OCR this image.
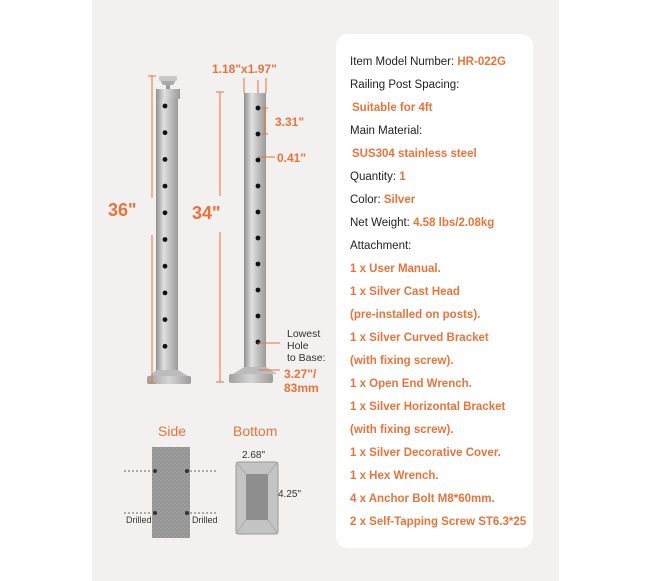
36"	34"
1.18"x1.97"
3.31"
0.41"
Lowest
Hole
to Base:
3.27"/
83mm
Side	Bottom
Drilled	Drilled
2.68"
4.25"
Item Model Number: HR-022G
Railing Post Spacing:
Suitable for 4ft
Main Material:
SUS304 stainless steel
Quantity: 1
Color: Silver
Net Weight: 4.58 lbs/2.08kg
Attachment:
1 x User Manual.
1 x Silver Cast Head
(pre-installed on posts).
1 x Silver Curved Bracket
(with fixing screw).
1 x Open End Wrench.
1 x Silver Horizontal Bracket
(with fixing screw).
1 x Silver Decorative Cover.
1 x Hex Wrench.
4 x Anchor Bolt M8*60mm.
2 x Self-Tapping Screw ST6.3*25
